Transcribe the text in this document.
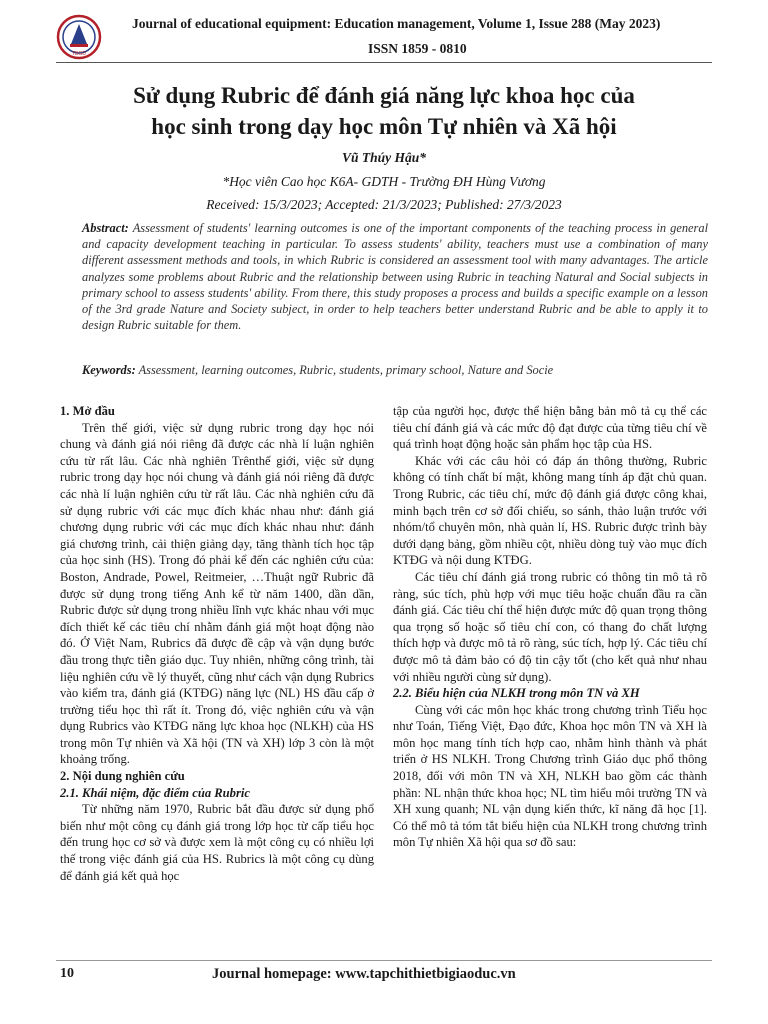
TBGD
Journal of educational equipment: Education management, Volume 1, Issue 288 (May 2023)
ISSN 1859 - 0810
Sử dụng Rubric để đánh giá năng lực khoa học của
học sinh trong dạy học môn Tự nhiên và Xã hội
Vũ Thúy Hậu*
*Học viên Cao học K6A- GDTH - Trường ĐH Hùng Vương
Received: 15/3/2023; Accepted: 21/3/2023; Published: 27/3/2023
Abstract: Assessment of students' learning outcomes is one of the important components of the teaching process in general and capacity development teaching in particular. To assess students' ability, teachers must use a combination of many different assessment methods and tools, in which Rubric is considered an assessment tool with many advantages. The article analyzes some problems about Rubric and the relationship between using Rubric in teaching Natural and Social subjects in primary school to assess students' ability. From there, this study proposes a process and builds a specific example on a lesson of the 3rd grade Nature and Society subject, in order to help teachers better understand Rubric and be able to apply it to design Rubric suitable for them.
Keywords: Assessment, learning outcomes, Rubric, students, primary school, Nature and Socie
1. Mở đầu

Trên thế giới, việc sử dụng rubric trong dạy học nói chung và đánh giá nói riêng đã được các nhà lí luận nghiên cứu từ rất lâu. Các nhà nghiên Trênthế giới, việc sử dụng rubric trong dạy học nói chung và đánh giá nói riêng đã được các nhà lí luận nghiên cứu từ rất lâu. Các nhà nghiên cứu đã sử dụng rubric với các mục đích khác nhau như: đánh giá chương dụng rubric với các mục đích khác nhau như: đánh giá chương trình, cải thiện giảng dạy, tăng thành tích học tập của học sinh (HS). Trong đó phải kể đến các nghiên cứu của: Boston, Andrade, Powel, Reitmeier, …Thuật ngữ Rubric đã được sử dụng trong tiếng Anh kể từ năm 1400, dần dần, Rubric được sử dụng trong nhiều lĩnh vực khác nhau với mục đích thiết kế các tiêu chí nhằm đánh giá một hoạt động nào đó. Ở Việt Nam, Rubrics đã được đề cập và vận dụng bước đầu trong thực tiễn giáo dục. Tuy nhiên, những công trình, tài liệu nghiên cứu về lý thuyết, cũng như cách vận dụng Rubrics vào kiểm tra, đánh giá (KTĐG) năng lực (NL) HS đầu cấp ở trường tiểu học thì rất ít. Trong đó, việc nghiên cứu và vận dụng Rubrics vào KTĐG năng lực khoa học (NLKH) của HS trong môn Tự nhiên và Xã hội (TN và XH) lớp 3 còn là một khoảng trống.

2. Nội dung nghiên cứu
2.1. Khái niệm, đặc điểm của Rubric

Từ những năm 1970, Rubric bắt đầu được sử dụng phổ biến như một công cụ đánh giá trong lớp học từ cấp tiểu học đến trung học cơ sở và được xem là một công cụ có nhiều lợi thế trong việc đánh giá của HS. Rubrics là một công cụ dùng để đánh giá kết quả học

tập của người học, được thể hiện bằng bản mô tả cụ thể các tiêu chí đánh giá và các mức độ đạt được của từng tiêu chí về quá trình hoạt động hoặc sản phẩm học tập của HS.

Khác với các câu hỏi có đáp án thông thường, Rubric không có tính chất bí mật, không mang tính áp đặt chủ quan. Trong Rubric, các tiêu chí, mức độ đánh giá được công khai, minh bạch trên cơ sở đối chiếu, so sánh, thảo luận trước với nhóm/tổ chuyên môn, nhà quản lí, HS. Rubric được trình bày dưới dạng bảng, gồm nhiều cột, nhiều dòng tuỳ vào mục đích KTĐG và nội dung KTĐG.

Các tiêu chí đánh giá trong rubric có thông tin mô tả rõ ràng, súc tích, phù hợp với mục tiêu hoặc chuẩn đầu ra cần đánh giá. Các tiêu chí thể hiện được mức độ quan trọng thông qua trọng số hoặc số tiêu chí con, có thang đo chất lượng thích hợp và được mô tả rõ ràng, súc tích, hợp lý. Các tiêu chí được mô tả đảm bảo có độ tin cậy tốt (cho kết quả như nhau với nhiều người cùng sử dụng).

2.2. Biểu hiện của NLKH trong môn TN và XH

Cùng với các môn học khác trong chương trình Tiểu học như Toán, Tiếng Việt, Đạo đức, Khoa học môn TN và XH là môn học mang tính tích hợp cao, nhằm hình thành và phát triển ở HS NLKH. Trong Chương trình Giáo dục phổ thông 2018, đối với môn TN và XH, NLKH bao gồm các thành phần: NL nhận thức khoa học; NL tìm hiểu môi trường TN và XH xung quanh; NL vận dụng kiến thức, kĩ năng đã học [1]. Có thể mô tả tóm tắt biểu hiện của NLKH trong chương trình môn Tự nhiên Xã hội qua sơ đồ sau:

10	Journal homepage: www.tapchithietbigiaoduc.vn
